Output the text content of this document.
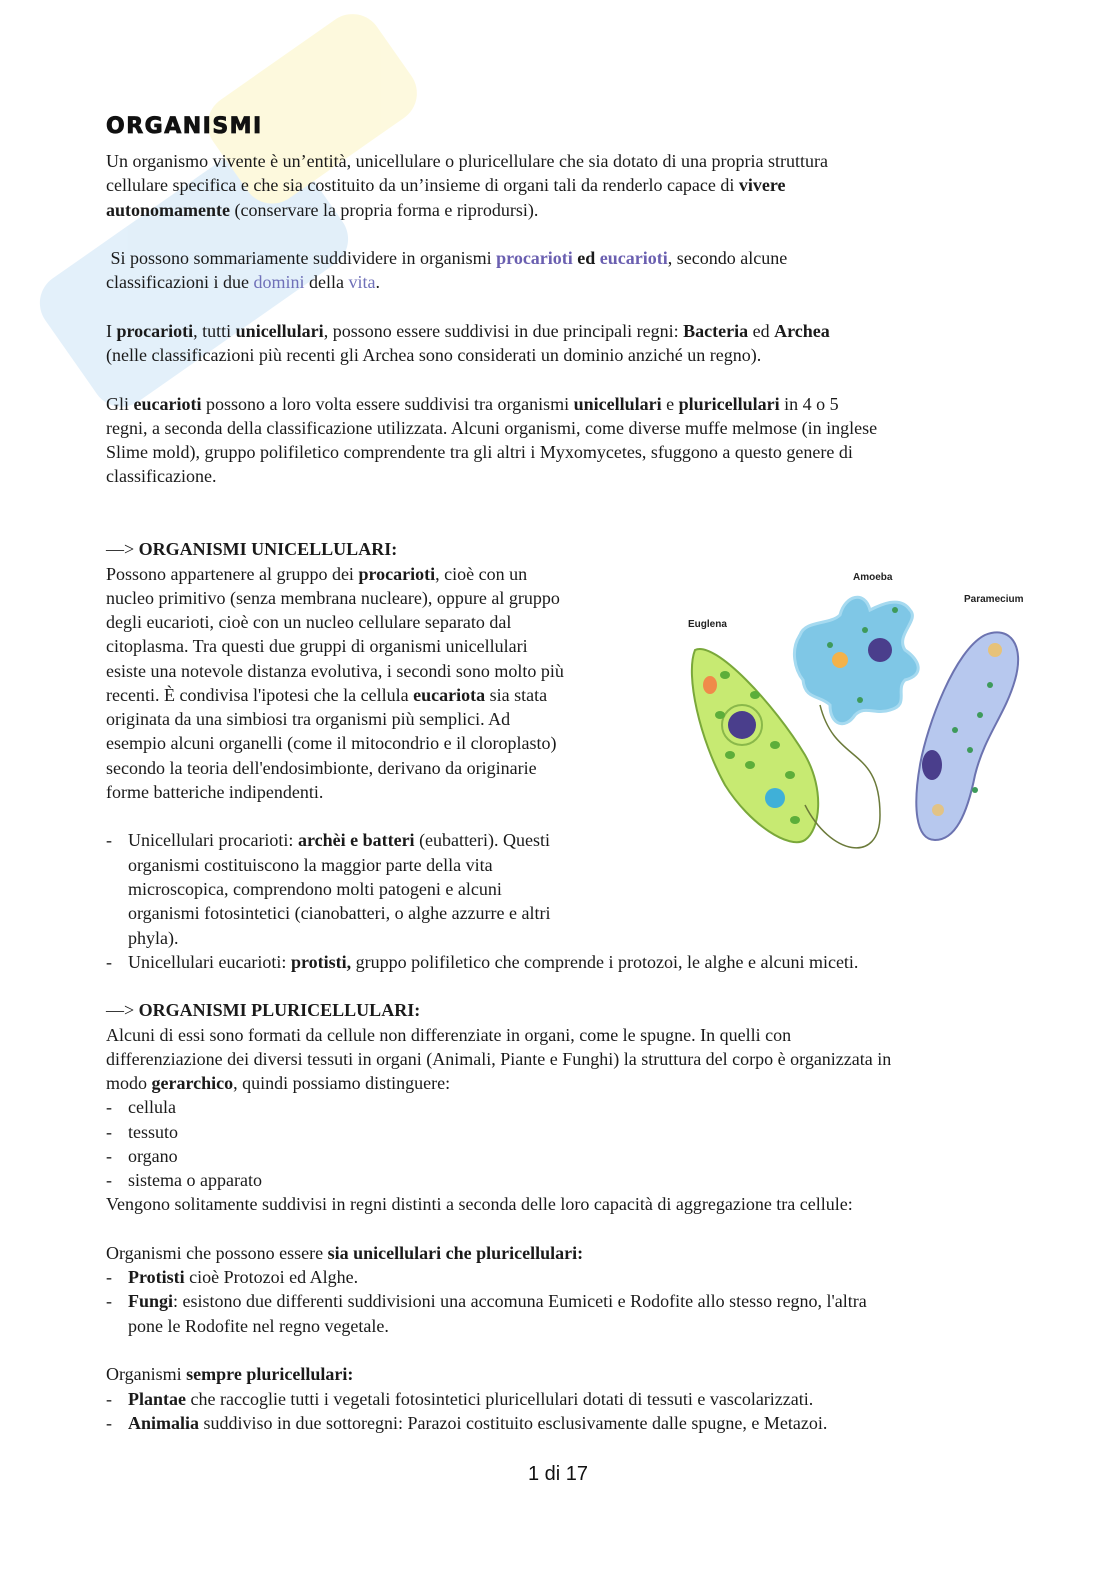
ORGANISMI
Un organismo vivente è un’entità, unicellulare o pluricellulare che sia dotato di una propria struttura
cellulare specifica e che sia costituito da un’insieme di organi tali da renderlo capace di vivere
autonomamente (conservare la propria forma e riprodursi).
Si possono sommariamente suddividere in organismi procarioti ed eucarioti, secondo alcune
classificazioni i due domini della vita.
I procarioti, tutti unicellulari, possono essere suddivisi in due principali regni: Bacteria ed Archea
(nelle classificazioni più recenti gli Archea sono considerati un dominio anziché un regno).
Gli eucarioti possono a loro volta essere suddivisi tra organismi unicellulari e pluricellulari in 4 o 5
regni, a seconda della classificazione utilizzata. Alcuni organismi, come diverse muffe melmose (in inglese
Slime mold), gruppo polifiletico comprendente tra gli altri i Myxomycetes, sfuggono a questo genere di
classificazione.
—> ORGANISMI UNICELLULARI:
Possono appartenere al gruppo dei procarioti, cioè con un
nucleo primitivo (senza membrana nucleare), oppure al gruppo
degli eucarioti, cioè con un nucleo cellulare separato dal
citoplasma. Tra questi due gruppi di organismi unicellulari
esiste una notevole distanza evolutiva, i secondi sono molto più
recenti. È condivisa l'ipotesi che la cellula eucariota sia stata
originata da una simbiosi tra organismi più semplici. Ad
esempio alcuni organelli (come il mitocondrio e il cloroplasto)
secondo la teoria dell'endosimbionte, derivano da originarie
forme batteriche indipendenti.
- Unicellulari procarioti: archèi e batteri (eubatteri). Questi
organismi costituiscono la maggior parte della vita
microscopica, comprendono molti patogeni e alcuni
organismi fotosintetici (cianobatteri, o alghe azzurre e altri
phyla).
- Unicellulari eucarioti: protisti, gruppo polifiletico che comprende i protozoi, le alghe e alcuni miceti.
—> ORGANISMI PLURICELLULARI:
Alcuni di essi sono formati da cellule non differenziate in organi, come le spugne. In quelli con
differenziazione dei diversi tessuti in organi (Animali, Piante e Funghi) la struttura del corpo è organizzata in
modo gerarchico, quindi possiamo distinguere:
- cellula
- tessuto
- organo
- sistema o apparato
Vengono solitamente suddivisi in regni distinti a seconda delle loro capacità di aggregazione tra cellule:
Organismi che possono essere sia unicellulari che pluricellulari:
- Protisti cioè Protozoi ed Alghe.
- Fungi: esistono due differenti suddivisioni una accomuna Eumiceti e Rodofite allo stesso regno, l'altra
pone le Rodofite nel regno vegetale.
Organismi sempre pluricellulari:
- Plantae che raccoglie tutti i vegetali fotosintetici pluricellulari dotati di tessuti e vascolarizzati.
- Animalia suddiviso in due sottoregni: Parazoi costituito esclusivamente dalle spugne, e Metazoi.
Euglena
Amoeba
Paramecium
1 di 17
